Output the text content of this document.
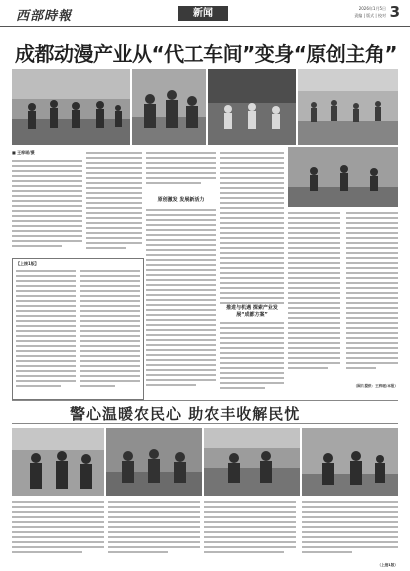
西部時報	新闻	2026年1月5日
责编 | 版式 | 校对 3
成都动漫产业从“代工车间”变身“原创主角”
■ 王梓瑶/摄
原创激发 发展新活力
（图片提供：王梓瑶/本报）
【上接1版】
推进与机遇 探索产业发展“成都方案”
警心温暖农民心 助农丰收解民忧
（上接1版）
